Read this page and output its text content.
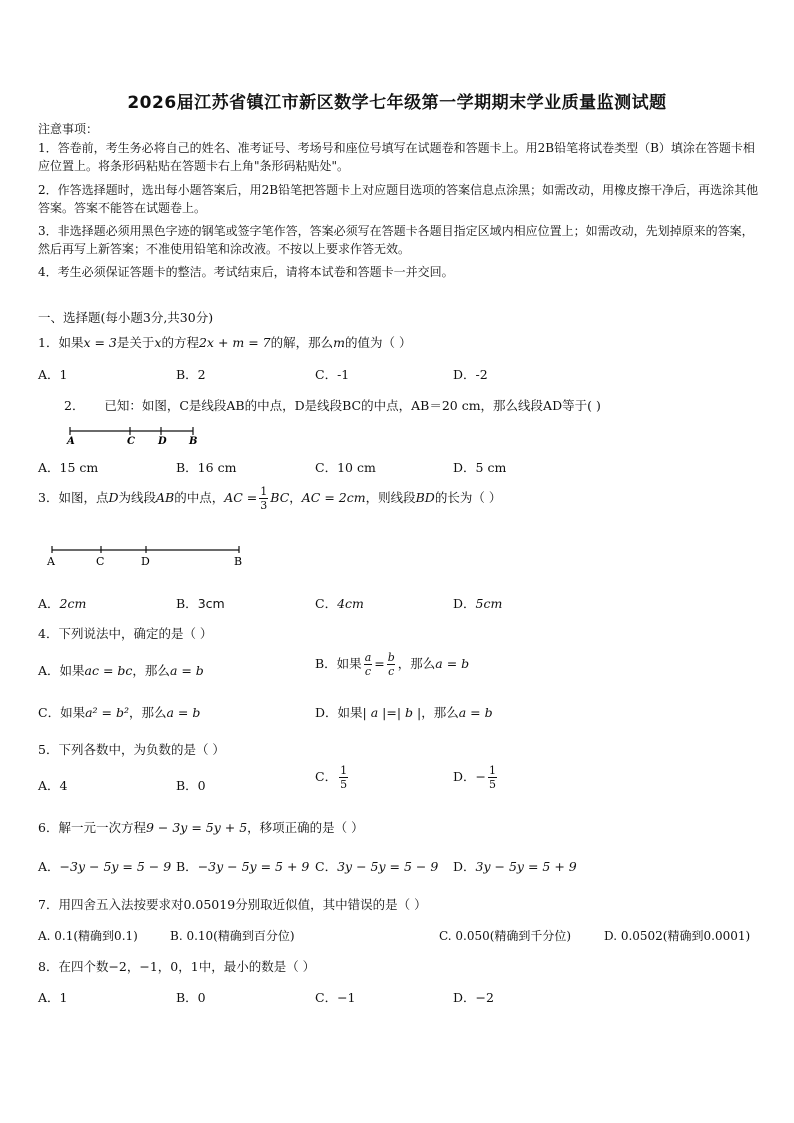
2026届江苏省镇江市新区数学七年级第一学期期末学业质量监测试题
注意事项：
1．答卷前，考生务必将自己的姓名、准考证号、考场号和座位号填写在试题卷和答题卡上。用2B铅笔将试卷类型（B）填涂在答题卡相应位置上。将条形码粘贴在答题卡右上角"条形码粘贴处"。
2．作答选择题时，选出每小题答案后，用2B铅笔把答题卡上对应题目选项的答案信息点涂黑；如需改动，用橡皮擦干净后，再选涂其他答案。答案不能答在试题卷上。
3．非选择题必须用黑色字迹的钢笔或签字笔作答，答案必须写在答题卡各题目指定区域内相应位置上；如需改动，先划掉原来的答案，然后再写上新答案；不准使用铅笔和涂改液。不按以上要求作答无效。
4．考生必须保证答题卡的整洁。考试结束后，请将本试卷和答题卡一并交回。
一、选择题(每小题3分,共30分)
1．如果x = 3是关于x的方程2x + m = 7的解，那么m的值为（ ）
A．1	B．2	C．-1	D．-2
2． 已知：如图，C是线段AB的中点，D是线段BC的中点，AB＝20 cm，那么线段AD等于( )
A	C D B
A．15 cm	B．16 cm	C．10 cm	D．5 cm
3．如图，点D为线段AB的中点，AC = $\frac{1}{3}$ BC，AC = 2cm，则线段BD的长为（ ）
A	C	D	B
A．2cm	B．3cm	C．4cm	D．5cm
4．下列说法中，确定的是（ ）
A．如果ac = bc，那么a = b	B．如果 $\frac{a}{c} = \frac{b}{c}$ ，那么a = b
C．如果a² = b²，那么a = b	D．如果| a |=| b |，那么a = b
5．下列各数中，为负数的是（ ）
A．4	B．0
C． $\frac{1}{5}$	D．− $\frac{1}{5}$
6．解一元一次方程9 − 3y = 5y + 5，移项正确的是（ ）
A．−3y − 5y = 5 − 9 B．−3y − 5y = 5 + 9 C．3y − 5y = 5 − 9 D．3y − 5y = 5 + 9
7．用四舍五入法按要求对0.05019分别取近似值，其中错误的是（ ）
A. 0.1(精确到0.1)	B. 0.10(精确到百分位)	C. 0.050(精确到千分位)	D. 0.0502(精确到0.0001)
8．在四个数−2，−1，0，1中，最小的数是（ ）
A．1	B．0	C．−1	D．−2
